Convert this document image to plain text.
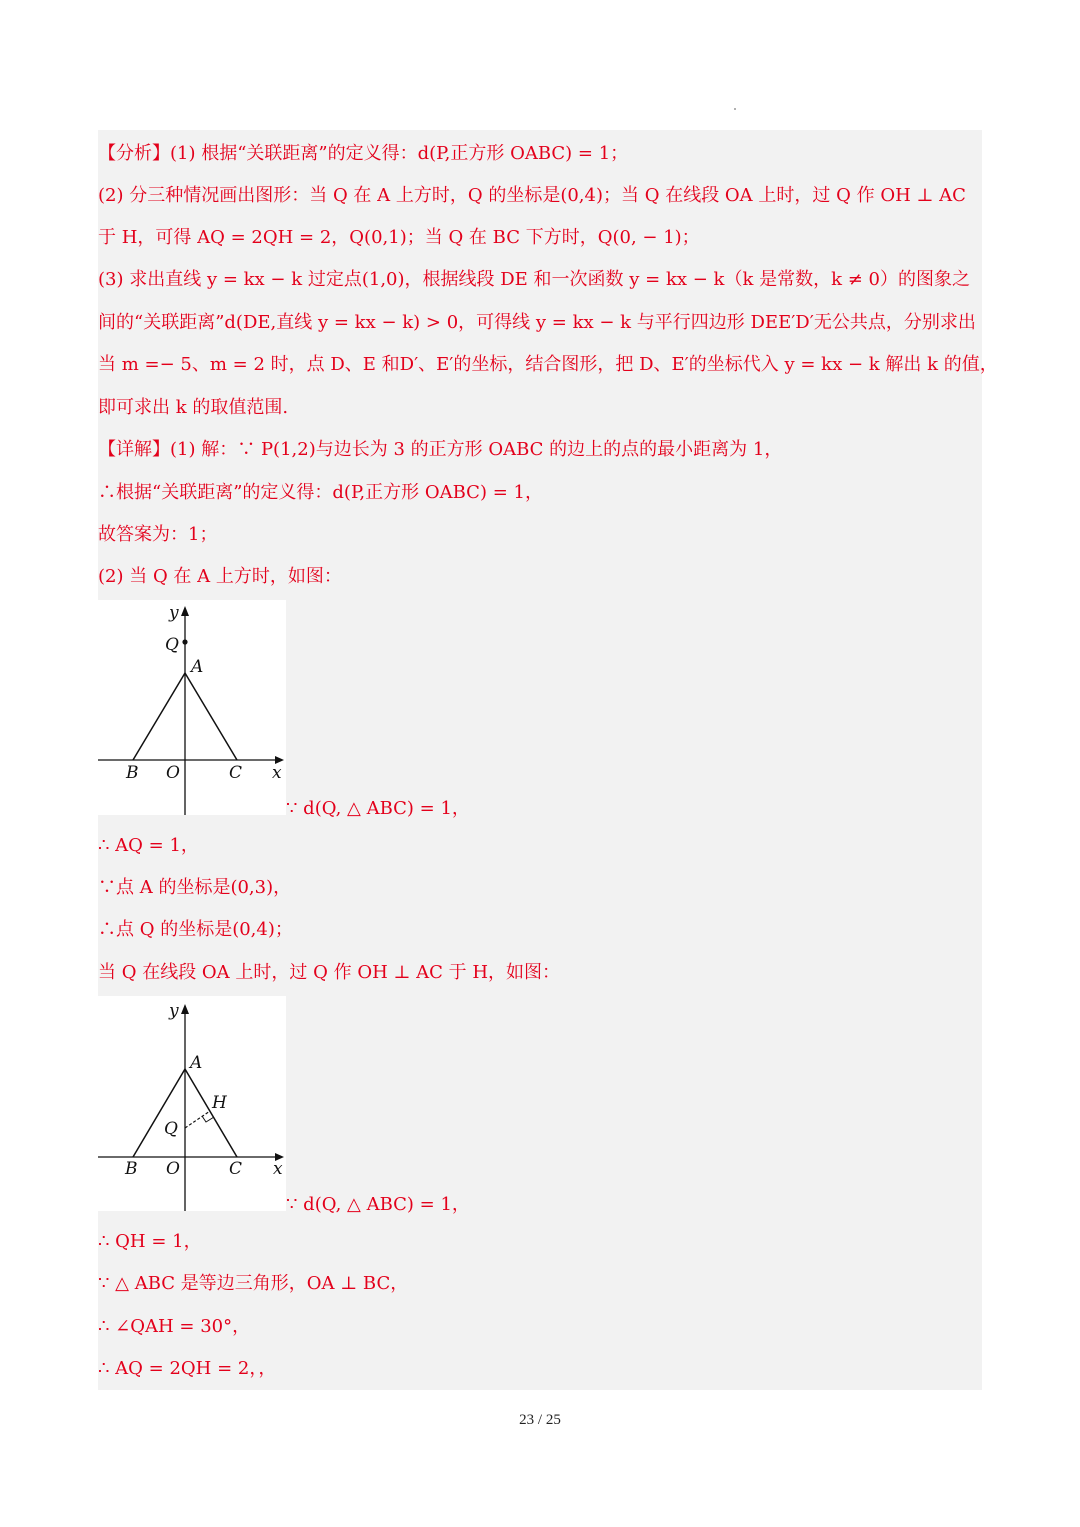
【分析】(1) 根据“关联距离”的定义得：d(P,正方形 OABC) = 1；
(2) 分三种情况画出图形：当 Q 在 A 上方时，Q 的坐标是(0,4)；当 Q 在线段 OA 上时，过 Q 作 OH ⊥ AC
于 H，可得 AQ = 2QH = 2，Q(0,1)；当 Q 在 BC 下方时，Q(0, − 1)；
(3) 求出直线 y = kx − k 过定点(1,0)，根据线段 DE 和一次函数 y = kx − k（k 是常数，k ≠ 0）的图象之
间的“关联距离”d(DE,直线 y = kx − k) > 0，可得线 y = kx − k 与平行四边形 DEE′D′无公共点，分别求出
当 m =− 5、m = 2 时，点 D、E 和D′、E′的坐标，结合图形，把 D、E′的坐标代入 y = kx − k 解出 k 的值，
即可求出 k 的取值范围.
【详解】(1) 解：∵ P(1,2)与边长为 3 的正方形 OABC 的边上的点的最小距离为 1，
∴根据“关联距离”的定义得：d(P,正方形 OABC) = 1，
故答案为：1；
(2) 当 Q 在 A 上方时，如图：
y
Q
A
B O	C x
∵ d(Q, △ ABC) = 1，
∴ AQ = 1，
∵点 A 的坐标是(0,3)，
∴点 Q 的坐标是(0,4)；
当 Q 在线段 OA 上时，过 Q 作 OH ⊥ AC 于 H，如图：
y
A
H
Q
B O	C x
∵ d(Q, △ ABC) = 1，
∴ QH = 1，
∵ △ ABC 是等边三角形，OA ⊥ BC，
∴ ∠QAH = 30°，
∴ AQ = 2QH = 2，，
23 / 25
